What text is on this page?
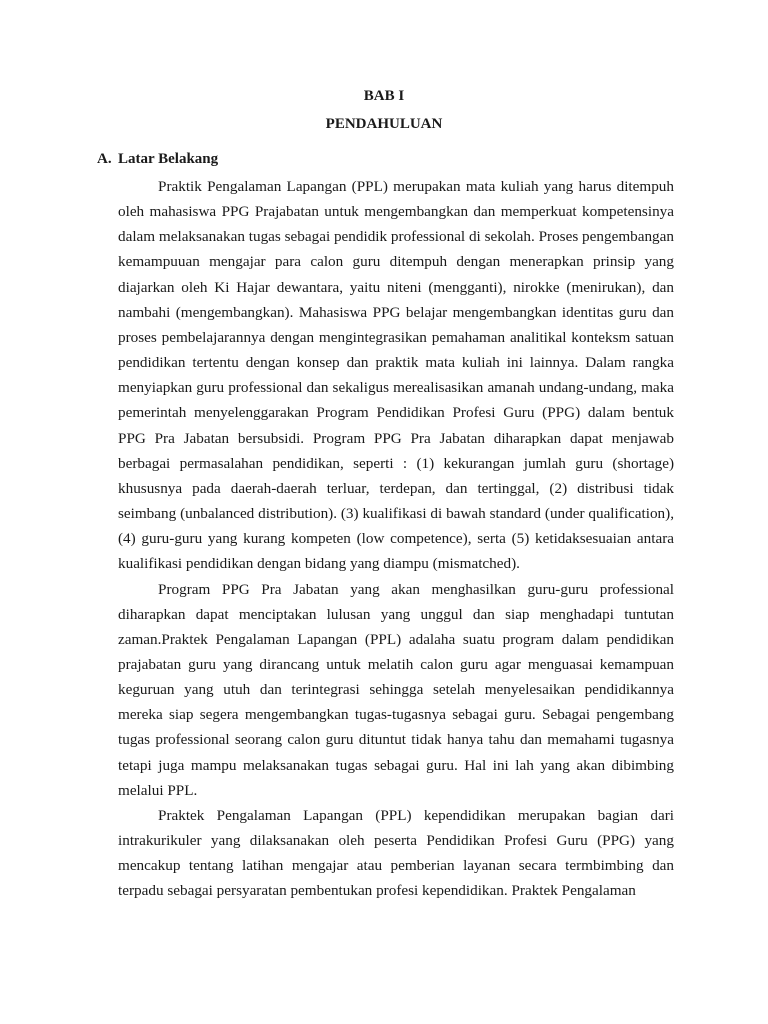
BAB I
PENDAHULUAN
A. Latar Belakang

Praktik Pengalaman Lapangan (PPL) merupakan mata kuliah yang harus ditempuh oleh mahasiswa PPG Prajabatan untuk mengembangkan dan memperkuat kompetensinya dalam melaksanakan tugas sebagai pendidik professional di sekolah. Proses pengembangan kemampuuan mengajar para calon guru ditempuh dengan menerapkan prinsip yang diajarkan oleh Ki Hajar dewantara, yaitu niteni (mengganti), nirokke (menirukan), dan nambahi (mengembangkan). Mahasiswa PPG belajar mengembangkan identitas guru dan proses pembelajarannya dengan mengintegrasikan pemahaman analitikal konteksm satuan pendidikan tertentu dengan konsep dan praktik mata kuliah ini lainnya. Dalam rangka menyiapkan guru professional dan sekaligus merealisasikan amanah undang-undang, maka pemerintah menyelenggarakan Program Pendidikan Profesi Guru (PPG) dalam bentuk PPG Pra Jabatan bersubsidi. Program PPG Pra Jabatan diharapkan dapat menjawab berbagai permasalahan pendidikan, seperti : (1) kekurangan jumlah guru (shortage) khususnya pada daerah-daerah terluar, terdepan, dan tertinggal, (2) distribusi tidak seimbang (unbalanced distribution). (3) kualifikasi di bawah standard (under qualification), (4) guru-guru yang kurang kompeten (low competence), serta (5) ketidaksesuaian antara kualifikasi pendidikan dengan bidang yang diampu (mismatched).

Program PPG Pra Jabatan yang akan menghasilkan guru-guru professional diharapkan dapat menciptakan lulusan yang unggul dan siap menghadapi tuntutan zaman.Praktek Pengalaman Lapangan (PPL) adalaha suatu program dalam pendidikan prajabatan guru yang dirancang untuk melatih calon guru agar menguasai kemampuan keguruan yang utuh dan terintegrasi sehingga setelah menyelesaikan pendidikannya mereka siap segera mengembangkan tugas-tugasnya sebagai guru. Sebagai pengembang tugas professional seorang calon guru dituntut tidak hanya tahu dan memahami tugasnya tetapi juga mampu melaksanakan tugas sebagai guru. Hal ini lah yang akan dibimbing melalui PPL.

Praktek Pengalaman Lapangan (PPL) kependidikan merupakan bagian dari intrakurikuler yang dilaksanakan oleh peserta Pendidikan Profesi Guru (PPG) yang mencakup tentang latihan mengajar atau pemberian layanan secara termbimbing dan terpadu sebagai persyaratan pembentukan profesi kependidikan. Praktek Pengalaman
